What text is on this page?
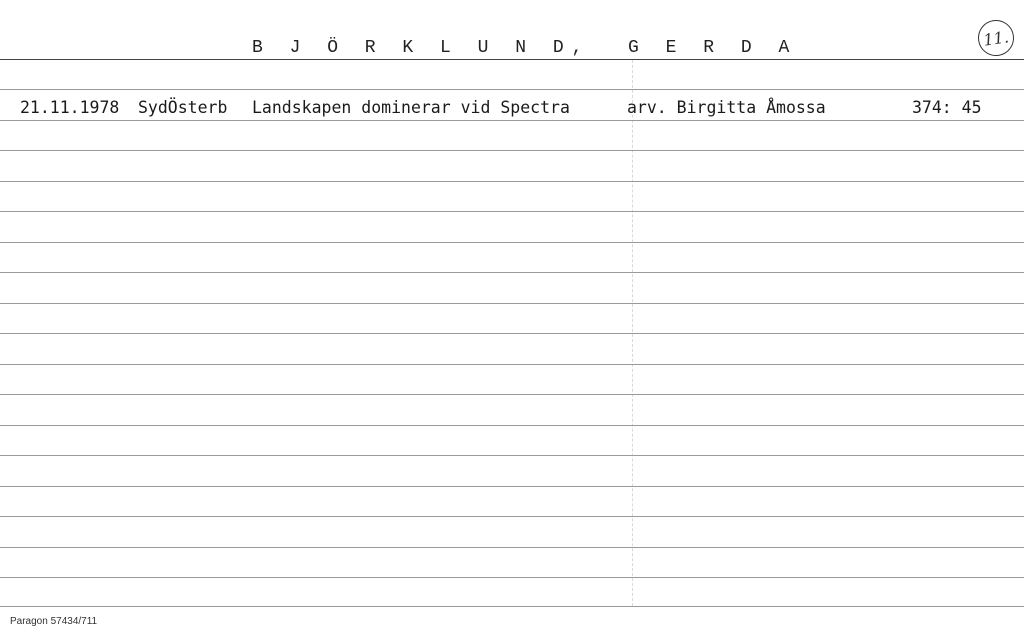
B J Ö R K L U N D,  G E R D A	11.
21.11.1978 SydÖsterb Landskapen dominerar vid Spectra	arv. Birgitta Åmossa	374: 45
Paragon 57434/711
